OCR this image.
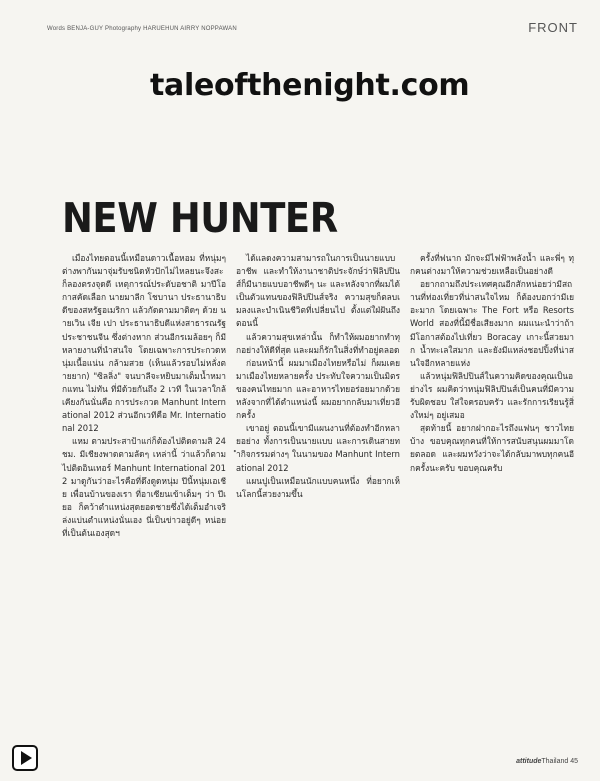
Words BENJA-GUY Photography HARUEHUN AIRRY NOPPAWAN	FRONT
taleofthenight.com
NEW HUNTER

เมืองไทยตอนนี้เหมือนดาวเนื้อหอม ที่หนุ่มๆ ต่างพากันมาจุ่มรับชนิดหัวปักไม่ไหลยนะจึงสะ ก็ลองตรงจุดดี เหตุการณ์ประดับอชาติ มาปีโอกาสคัดเลือก นายมาลีก โชบานา ประธานาธิบดีของสหรัฐอเมริกา แล้วกัดตามมาติดๆ ด้วย นายเวิน เจีย เปา ประธานาธิบดีแห่งสาธารณรัฐประชาชนจีน ซึ่งต่างหาก ส่วนอีกรเมล้อยๆ ก็มีหลายงานที่นำสนใจ โดยเฉพาะการประกวดหนุ่มเนื้อแน่น กล้ามสวย (เห็นแล้วรอบไม่หลั่งตายยาก) "ซิลลิ่ง" จนบาลีจะหยิบมาเต็มน้ำหมากแทน ไม่ทัน ที่มีด้วยกันถึง 2 เวที ในเวลาใกล้เคียงกันนั่นคือ การประกวด Manhunt International 2012 ส่วนอีกเวทีคือ Mr. International 2012

แหม ตามประสาป้าแก่ก็ต้องไปติดตามสิ 24 ชม. มีเชียงพาดตามลัดๆ เหล่านี้ ว่าแล้วก็ตามไปติดอินเทอร์ Manhunt International 2012 มาดูกันว่าอะไรคือที่ดึงดูดหนุ่ม ปีนี้หนุ่มเอเชีย เพื่อนบ้านของเรา ที่อาเซียนเข้าเต็มๆ ว่า ปีเยอ ก็คว้าตำแหน่งสุดยอดชายซึ่งได้เต็มอำเจริ ล่งแบ่นตำแหน่งนั่นเอง นี่เป็นข่าวอยู่ดีๆ หน่อยที่เป็นต้นเองสุดฯ

ได้แลดงความสามารถในการเป็นนายแบบอาชีพ และทำให้งานาชาติประจักษ์ว่าฟิลิปปินส์ก็มีนายแบบอาชีพดีๆ นะ และหลังจากที่ผมได้เป็นตัวแทนของฟิลิปปินส์จริง ความสุขก็ตลบเมลงและบำเนินชีวิตที่เปลี่ยนไป ตั้งแต่ใฝ่ฝันถึงตอนนี้

แล้วความสุขเหล่านั้น ก็ทำให้ผมอยากทำทุกอย่างให้ดีที่สุด และผมก็รักในสิ่งที่ทำอยู่ตลอด

ก่อนหน้านี้ ผมมาเมืองไทยหรือไม่ ก็ผมเคยมาเมืองไทยหลายครั้ง ประทับใจความเป็นมิตรของคนไทยมาก และอาหารไทยอร่อยมากด้วย หลังจากที่ได้ตำแหน่งนี้ ผมอยากกลับมาเที่ยวอีกครั้ง

เขาอยู่ ตอนนี้เขามีแผนงานที่ต้องทำอีกหลายอย่าง ทั้งการเป็นนายแบบ และการเดินสายทำกิจกรรมต่างๆ ในนามของ Manhunt International 2012

แผนปูเป็นเหมือนนักแบบคนหนึ่ง ที่อยากเห็นโลกนี้สวยงามขึ้น

ครั้งที่ฟนาก มักจะมีไฟฟ้าพลังน้ำ และพี่ๆ ทุกคนต่างมาให้ความช่วยเหลือเป็นอย่างดี

อยากถามถึงประเทศคุณอีกสักหน่อยว่ามีสถานที่ท่องเที่ยวที่น่าสนใจไหม ก็ต้องบอกว่ามีเยอะมาก โดยเฉพาะ The Fort หรือ Resorts World สองที่นี้มีชื่อเสียงมาก ผมแนะนำว่าถ้ามีโอกาสต้องไปเที่ยว Boracay เกาะนี้สวยมาก น้ำทะเลใสมาก และยังมีแหล่งชอปปิ้งที่น่าสนใจอีกหลายแห่ง

แล้วหนุ่มฟิลิปปินส์ในความคิดของคุณเป็นอย่างไร ผมคิดว่าหนุ่มฟิลิปปินส์เป็นคนที่มีความรับผิดชอบ ใส่ใจครอบครัว และรักการเรียนรู้สิ่งใหม่ๆ อยู่เสมอ

สุดท้ายนี้ อยากฝากอะไรถึงแฟนๆ ชาวไทยบ้าง ขอบคุณทุกคนที่ให้การสนับสนุนผมมาโดยตลอด และผมหวังว่าจะได้กลับมาพบทุกคนอีกครั้งนะครับ ขอบคุณครับ

attitudeThailand 45
